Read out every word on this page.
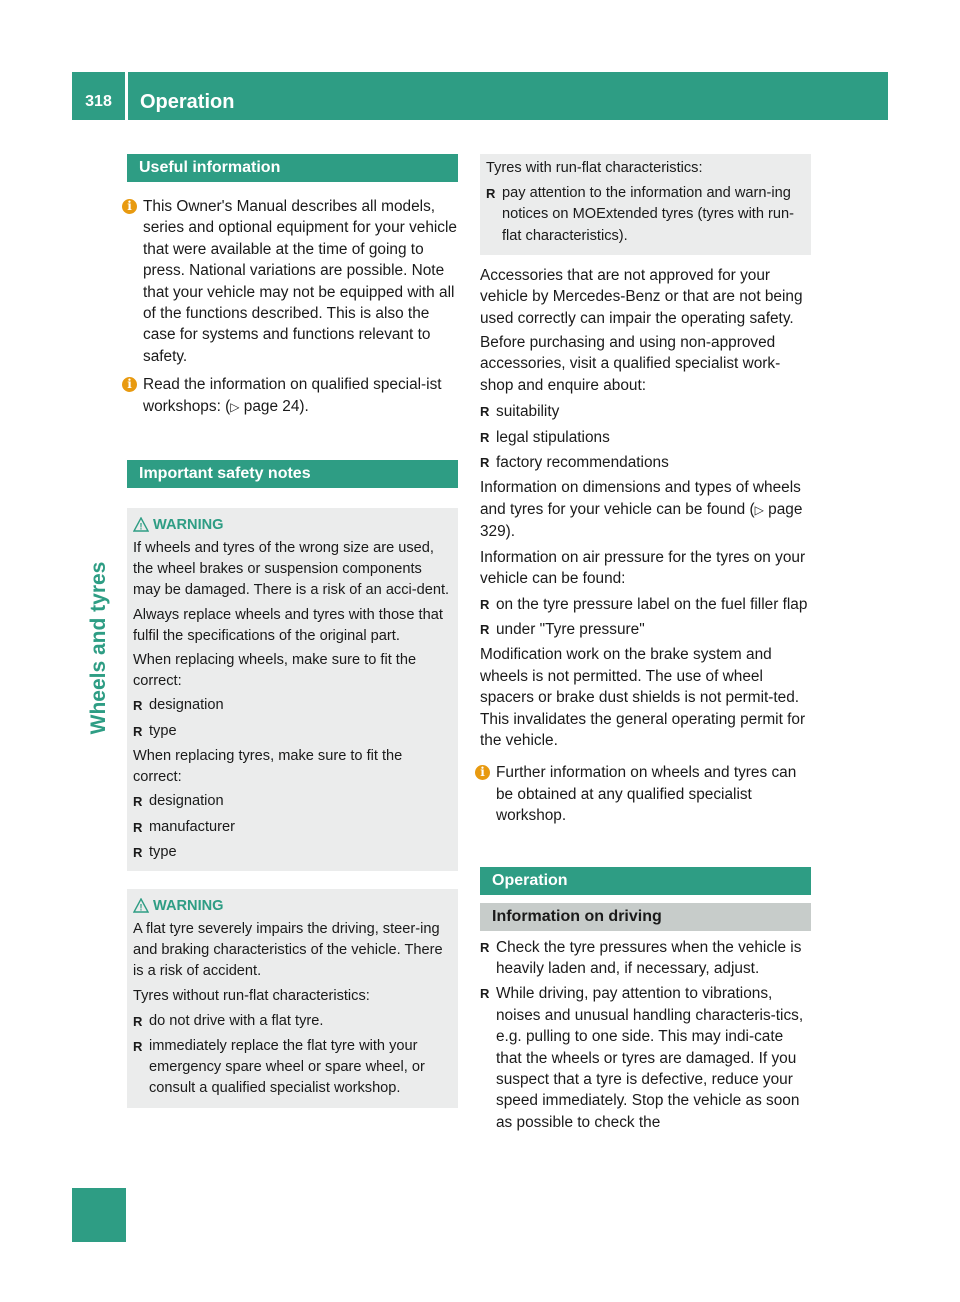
318	Operation
Wheels and tyres
Useful information

i This Owner's Manual describes all models, series and optional equipment for your vehicle that were available at the time of going to press. National variations are possible. Note that your vehicle may not be equipped with all of the functions described. This is also the case for systems and functions relevant to safety.

i Read the information on qualified special-ist workshops: (▷ page 24).

Important safety notes
! WARNING

If wheels and tyres of the wrong size are used, the wheel brakes or suspension components may be damaged. There is a risk of an acci-dent.

Always replace wheels and tyres with those that fulfil the specifications of the original part.

When replacing wheels, make sure to fit the correct:

R designation
R type

When replacing tyres, make sure to fit the correct:

R designation
R manufacturer
R type
! WARNING

A flat tyre severely impairs the driving, steer-ing and braking characteristics of the vehicle. There is a risk of accident.

Tyres without run-flat characteristics:

R do not drive with a flat tyre.
R immediately replace the flat tyre with your emergency spare wheel or spare wheel, or consult a qualified specialist workshop.

Tyres with run-flat characteristics:

R pay attention to the information and warn-ing notices on MOExtended tyres (tyres with run-flat characteristics).

Accessories that are not approved for your vehicle by Mercedes-Benz or that are not being used correctly can impair the operating safety.

Before purchasing and using non-approved accessories, visit a qualified specialist work-shop and enquire about:

R suitability
R legal stipulations
R factory recommendations

Information on dimensions and types of wheels and tyres for your vehicle can be found (▷ page 329).

Information on air pressure for the tyres on your vehicle can be found:

R on the tyre pressure label on the fuel filler flap
R under "Tyre pressure"

Modification work on the brake system and wheels is not permitted. The use of wheel spacers or brake dust shields is not permit-ted. This invalidates the general operating permit for the vehicle.

i Further information on wheels and tyres can be obtained at any qualified specialist workshop.

Operation
Information on driving
R Check the tyre pressures when the vehicle is heavily laden and, if necessary, adjust.
R While driving, pay attention to vibrations, noises and unusual handling characteris-tics, e.g. pulling to one side. This may indi-cate that the wheels or tyres are damaged. If you suspect that a tyre is defective, reduce your speed immediately. Stop the vehicle as soon as possible to check the
